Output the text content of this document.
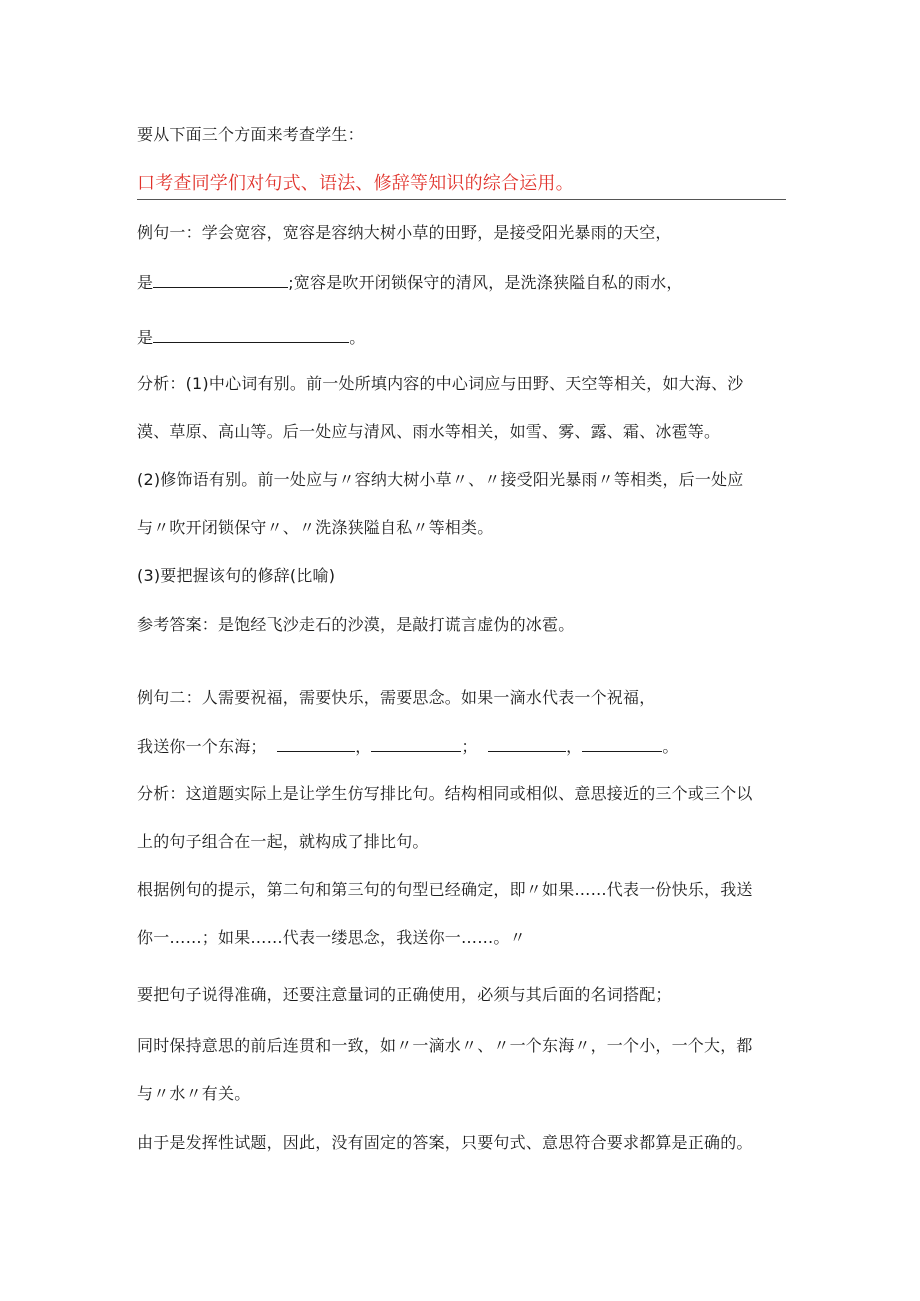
要从下面三个方面来考查学生：
口考查同学们对句式、语法、修辞等知识的综合运用。
例句一：学会宽容，宽容是容纳大树小草的田野，是接受阳光暴雨的天空，
是	;宽容是吹开闭锁保守的清风，是洗涤狭隘自私的雨水，
是	。
分析：(1)中心词有别。前一处所填内容的中心词应与田野、天空等相关，如大海、沙
漠、草原、高山等。后一处应与清风、雨水等相关，如雪、雾、露、霜、冰雹等。
(2)修饰语有别。前一处应与〃容纳大树小草〃、〃接受阳光暴雨〃等相类，后一处应
与〃吹开闭锁保守〃、〃洗涤狭隘自私〃等相类。
(3)要把握该句的修辞(比喻)
参考答案：是饱经飞沙走石的沙漠，是敲打谎言虚伪的冰雹。
例句二：人需要祝福，需要快乐，需要思念。如果一滴水代表一个祝福，
我送你一个东海；	，	；	，	。
分析：这道题实际上是让学生仿写排比句。结构相同或相似、意思接近的三个或三个以
上的句子组合在一起，就构成了排比句。
根据例句的提示，第二句和第三句的句型已经确定，即〃如果……代表一份快乐，我送
你一……；如果……代表一缕思念，我送你一……。〃
要把句子说得准确，还要注意量词的正确使用，必须与其后面的名词搭配；
同时保持意思的前后连贯和一致，如〃一滴水〃、〃一个东海〃，一个小，一个大，都
与〃水〃有关。
由于是发挥性试题，因此，没有固定的答案，只要句式、意思符合要求都算是正确的。
